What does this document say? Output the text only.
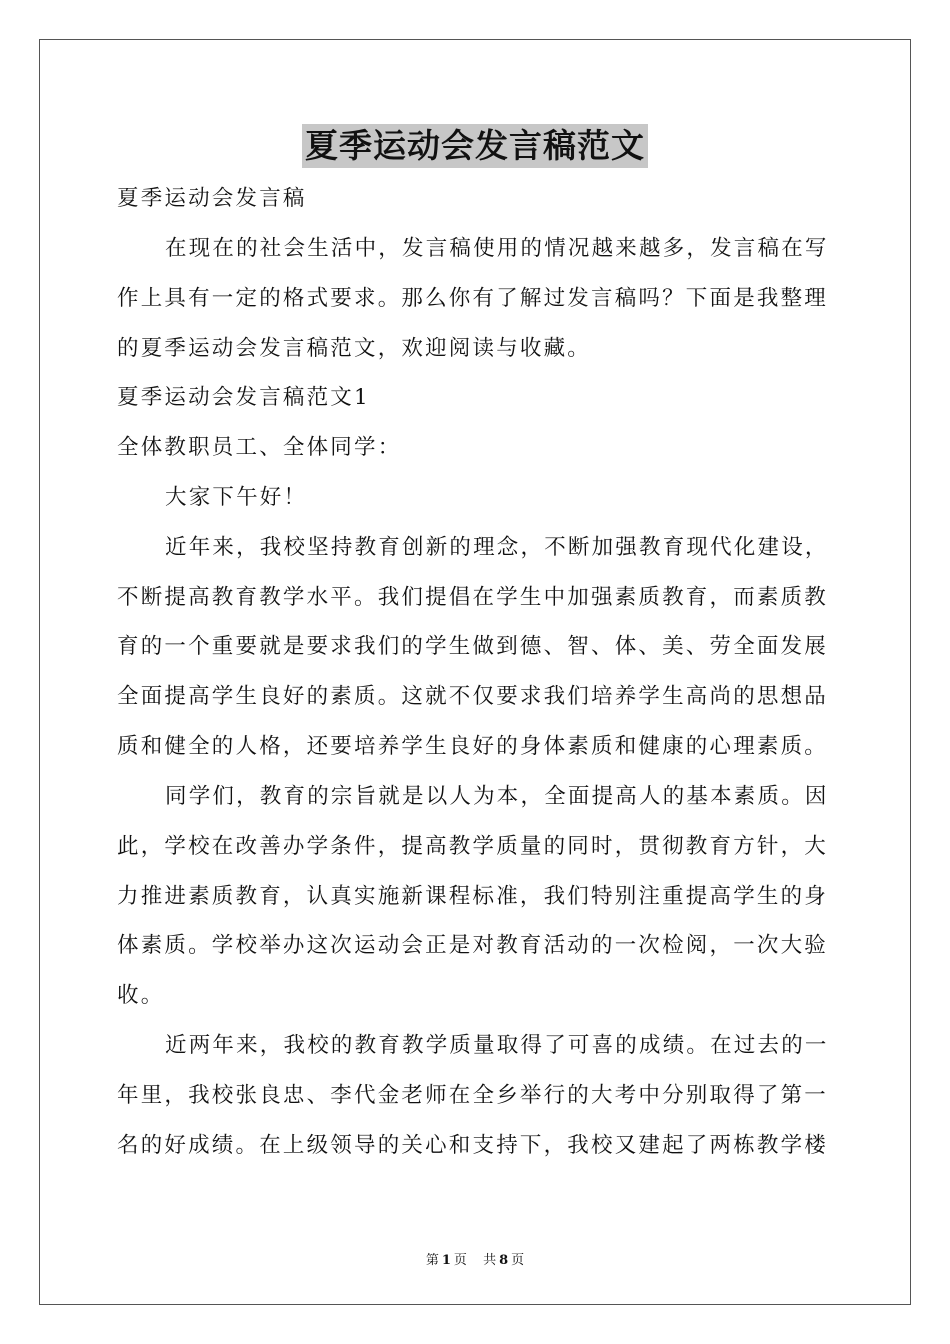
夏季运动会发言稿范文
夏季运动会发言稿
在现在的社会生活中，发言稿使用的情况越来越多，发言稿在写
作上具有一定的格式要求。那么你有了解过发言稿吗？下面是我整理
的夏季运动会发言稿范文，欢迎阅读与收藏。
夏季运动会发言稿范文1
全体教职员工、全体同学：
大家下午好！
近年来，我校坚持教育创新的理念，不断加强教育现代化建设，
不断提高教育教学水平。我们提倡在学生中加强素质教育，而素质教
育的一个重要就是要求我们的学生做到德、智、体、美、劳全面发展
全面提高学生良好的素质。这就不仅要求我们培养学生高尚的思想品
质和健全的人格，还要培养学生良好的身体素质和健康的心理素质。
同学们，教育的宗旨就是以人为本，全面提高人的基本素质。因
此，学校在改善办学条件，提高教学质量的同时，贯彻教育方针，大
力推进素质教育，认真实施新课程标准，我们特别注重提高学生的身
体素质。学校举办这次运动会正是对教育活动的一次检阅，一次大验
收。
近两年来，我校的教育教学质量取得了可喜的成绩。在过去的一
年里，我校张良忠、李代金老师在全乡举行的大考中分别取得了第一
名的好成绩。在上级领导的关心和支持下，我校又建起了两栋教学楼
第 1 页 共 8 页
